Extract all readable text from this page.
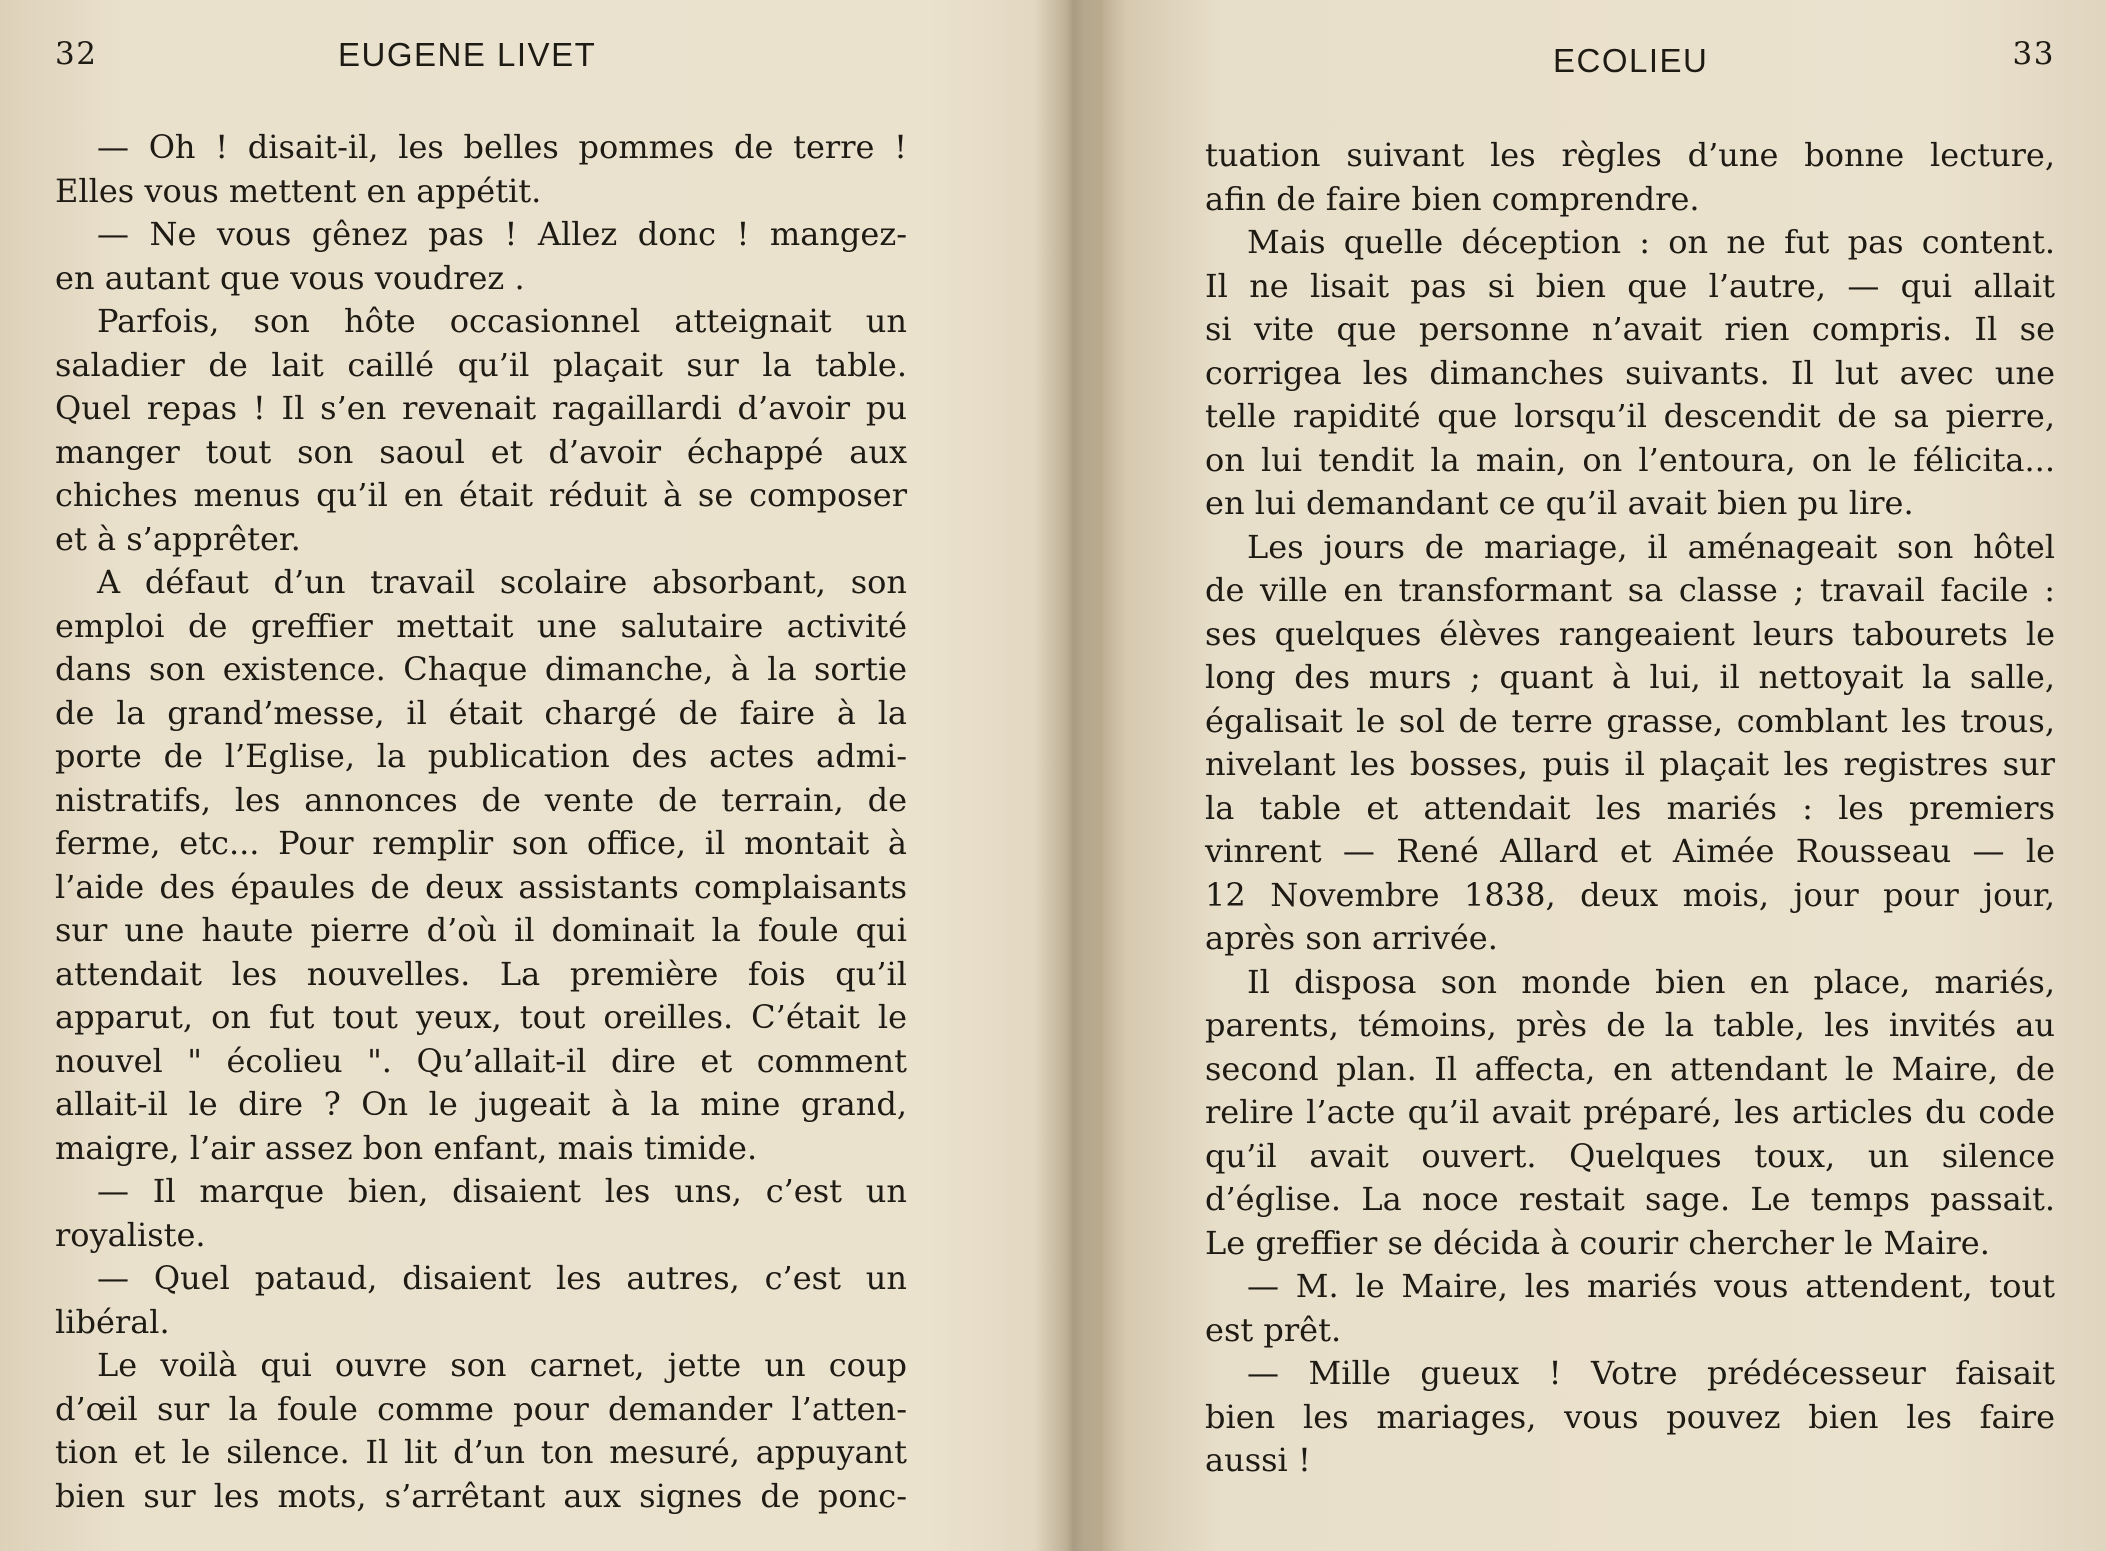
32	EUGENE LIVET
— Oh ! disait-il, les belles pommes de terre !
Elles vous mettent en appétit.
— Ne vous gênez pas ! Allez donc ! mangez-
en autant que vous voudrez .
Parfois, son hôte occasionnel atteignait un
saladier de lait caillé qu’il plaçait sur la table.
Quel repas ! Il s’en revenait ragaillardi d’avoir pu
manger tout son saoul et d’avoir échappé aux
chiches menus qu’il en était réduit à se composer
et à s’apprêter.
A défaut d’un travail scolaire absorbant, son
emploi de greffier mettait une salutaire activité
dans son existence. Chaque dimanche, à la sortie
de la grand’messe, il était chargé de faire à la
porte de l’Eglise, la publication des actes admi-
nistratifs, les annonces de vente de terrain, de
ferme, etc... Pour remplir son office, il montait à
l’aide des épaules de deux assistants complaisants
sur une haute pierre d’où il dominait la foule qui
attendait les nouvelles. La première fois qu’il
apparut, on fut tout yeux, tout oreilles. C’était le
nouvel " écolieu ". Qu’allait-il dire et comment
allait-il le dire ? On le jugeait à la mine grand,
maigre, l’air assez bon enfant, mais timide.
— Il marque bien, disaient les uns, c’est un
royaliste.
— Quel pataud, disaient les autres, c’est un
libéral.
Le voilà qui ouvre son carnet, jette un coup
d’œil sur la foule comme pour demander l’atten-
tion et le silence. Il lit d’un ton mesuré, appuyant
bien sur les mots, s’arrêtant aux signes de ponc-
ECOLIEU	33
tuation suivant les règles d’une bonne lecture,
afin de faire bien comprendre.
Mais quelle déception : on ne fut pas content.
Il ne lisait pas si bien que l’autre, — qui allait
si vite que personne n’avait rien compris. Il se
corrigea les dimanches suivants. Il lut avec une
telle rapidité que lorsqu’il descendit de sa pierre,
on lui tendit la main, on l’entoura, on le félicita...
en lui demandant ce qu’il avait bien pu lire.
Les jours de mariage, il aménageait son hôtel
de ville en transformant sa classe ; travail facile :
ses quelques élèves rangeaient leurs tabourets le
long des murs ; quant à lui, il nettoyait la salle,
égalisait le sol de terre grasse, comblant les trous,
nivelant les bosses, puis il plaçait les registres sur
la table et attendait les mariés : les premiers
vinrent — René Allard et Aimée Rousseau — le
12 Novembre 1838, deux mois, jour pour jour,
après son arrivée.
Il disposa son monde bien en place, mariés,
parents, témoins, près de la table, les invités au
second plan. Il affecta, en attendant le Maire, de
relire l’acte qu’il avait préparé, les articles du code
qu’il avait ouvert. Quelques toux, un silence
d’église. La noce restait sage. Le temps passait.
Le greffier se décida à courir chercher le Maire.
— M. le Maire, les mariés vous attendent, tout
est prêt.
— Mille gueux ! Votre prédécesseur faisait
bien les mariages, vous pouvez bien les faire
aussi !
